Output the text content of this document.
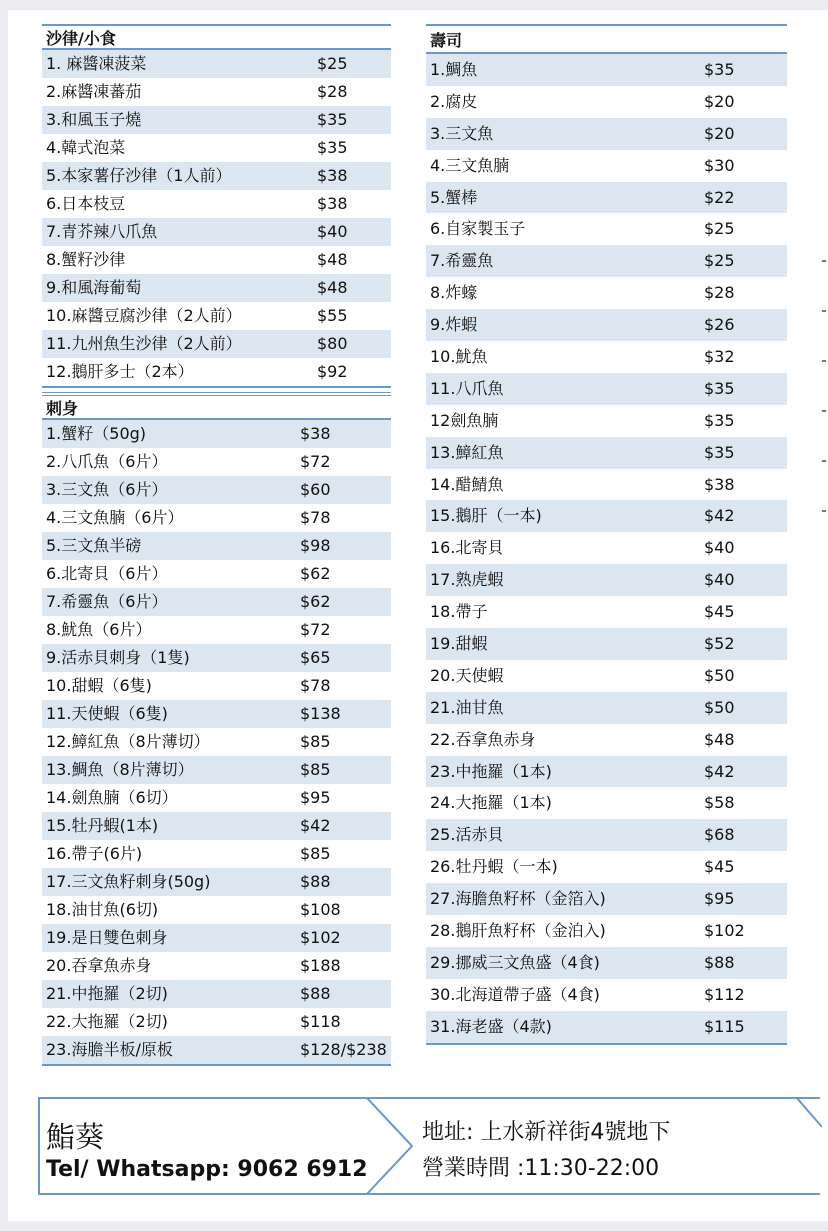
沙律/小食
1. 麻醬凍菠菜	$25
2.麻醬凍蕃茄	$28
3.和風玉子燒	$35
4.韓式泡菜	$35
5.本家薯仔沙律（1人前）	$38
6.日本枝豆	$38
7.青芥辣八爪魚	$40
8.蟹籽沙律	$48
9.和風海葡萄	$48
10.麻醬豆腐沙律（2人前）	$55
11.九州魚生沙律（2人前）	$80
12.鵝肝多士（2本）	$92
刺身
1.蟹籽（50g)	$38
2.八爪魚（6片）	$72
3.三文魚（6片）	$60
4.三文魚腩（6片）	$78
5.三文魚半磅	$98
6.北寄貝（6片）	$62
7.希靈魚（6片）	$62
8.魷魚（6片）	$72
9.活赤貝刺身（1隻)	$65
10.甜蝦（6隻)	$78
11.天使蝦（6隻)	$138
12.鱆紅魚（8片薄切）	$85
13.鯛魚（8片薄切）	$85
14.劍魚腩（6切）	$95
15.牡丹蝦(1本)	$42
16.帶子(6片)	$85
17.三文魚籽刺身(50g)	$88
18.油甘魚(6切)	$108
19.是日雙色刺身	$102
20.吞拿魚赤身	$188
21.中拖羅（2切)	$88
22.大拖羅（2切)	$118
23.海膽半板/原板	$128/$238
壽司
1.鯛魚	$35
2.腐皮	$20
3.三文魚	$20
4.三文魚腩	$30
5.蟹棒	$22
6.自家製玉子	$25
7.希靈魚	$25
8.炸蠔	$28
9.炸蝦	$26
10.魷魚	$32
11.八爪魚	$35
12劍魚腩	$35
13.鱆紅魚	$35
14.醋鯖魚	$38
15.鵝肝（一本)	$42
16.北寄貝	$40
17.熟虎蝦	$40
18.帶子	$45
19.甜蝦	$52
20.天使蝦	$50
21.油甘魚	$50
22.吞拿魚赤身	$48
23.中拖羅（1本)	$42
24.大拖羅（1本)	$58
25.活赤貝	$68
26.牡丹蝦（一本)	$45
27.海膽魚籽杯（金箔入)	$95
28.鵝肝魚籽杯（金泊入)	$102
29.挪威三文魚盛（4食)	$88
30.北海道帶子盛（4食)	$112
31.海老盛（4款)	$115
鮨葵
Tel/ Whatsapp: 9062 6912
地址: 上水新祥街4號地下
營業時間 :11:30-22:00
